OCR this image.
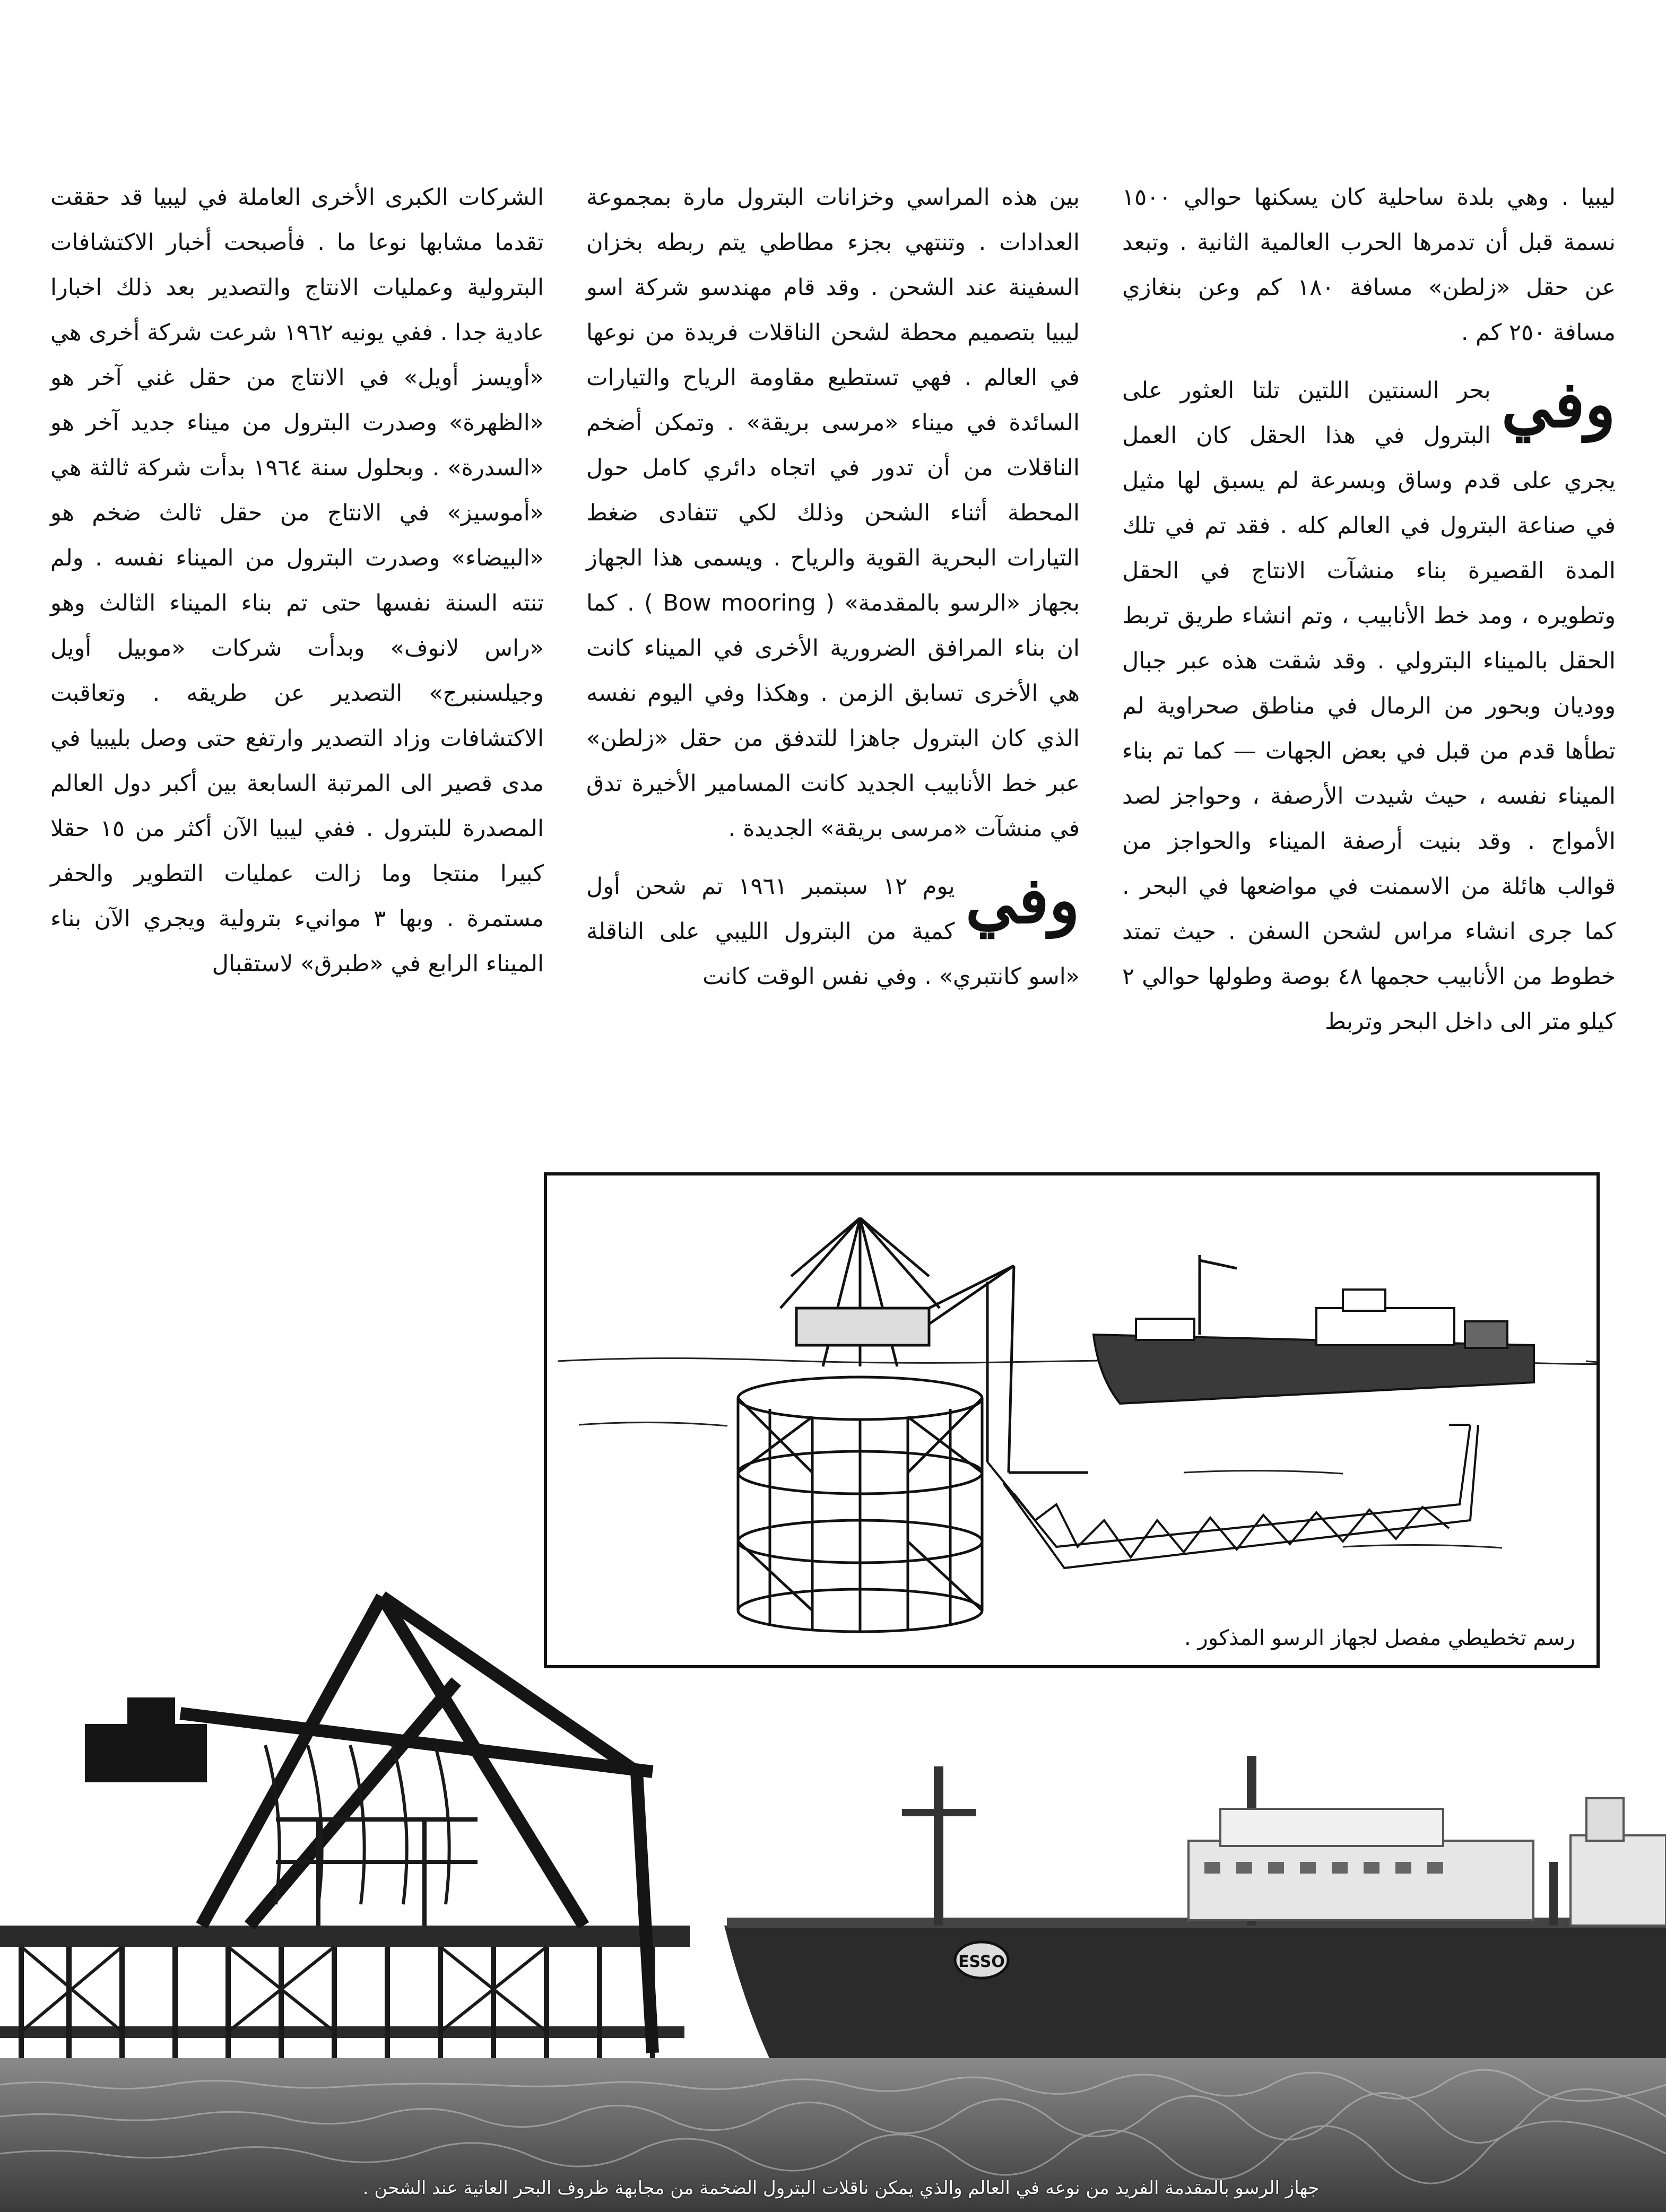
ليبيا . وهي بلدة ساحلية كان يسكنها حوالي ١٥٠٠ نسمة قبل أن تدمرها الحرب العالمية الثانية . وتبعد عن حقل «زلطن» مسافة ١٨٠ كم وعن بنغازي مسافة ٢٥٠ كم .

وفي
بحر السنتين اللتين تلتا العثور على البترول في هذا الحقل كان العمل يجري على قدم وساق وبسرعة لم يسبق لها مثيل في صناعة البترول في العالم كله . فقد تم في تلك المدة القصيرة بناء منشآت الانتاج في الحقل وتطويره ، ومد خط الأنابيب ، وتم انشاء طريق تربط الحقل بالميناء البترولي . وقد شقت هذه عبر جبال ووديان وبحور من الرمال في مناطق صحراوية لم تطأها قدم من قبل في بعض الجهات — كما تم بناء الميناء نفسه ، حيث شيدت الأرصفة ، وحواجز لصد الأمواج . وقد بنيت أرصفة الميناء والحواجز من قوالب هائلة من الاسمنت في مواضعها في البحر . كما جرى انشاء مراس لشحن السفن . حيث تمتد خطوط من الأنابيب حجمها ٤٨ بوصة وطولها حوالي ٢ كيلو متر الى داخل البحر وتربط

بين هذه المراسي وخزانات البترول مارة بمجموعة العدادات . وتنتهي بجزء مطاطي يتم ربطه بخزان السفينة عند الشحن . وقد قام مهندسو شركة اسو ليبيا بتصميم محطة لشحن الناقلات فريدة من نوعها في العالم . فهي تستطيع مقاومة الرياح والتيارات السائدة في ميناء «مرسى بريقة» . وتمكن أضخم الناقلات من أن تدور في اتجاه دائري كامل حول المحطة أثناء الشحن وذلك لكي تتفادى ضغط التيارات البحرية القوية والرياح . ويسمى هذا الجهاز بجهاز «الرسو بالمقدمة» ( Bow mooring ) . كما ان بناء المرافق الضرورية الأخرى في الميناء كانت هي الأخرى تسابق الزمن . وهكذا وفي اليوم نفسه الذي كان البترول جاهزا للتدفق من حقل «زلطن» عبر خط الأنابيب الجديد كانت المسامير الأخيرة تدق في منشآت «مرسى بريقة» الجديدة .

وفي
يوم ١٢ سبتمبر ١٩٦١ تم شحن أول كمية من البترول الليبي على الناقلة «اسو كانتبري» . وفي نفس الوقت كانت

الشركات الكبرى الأخرى العاملة في ليبيا قد حققت تقدما مشابها نوعا ما . فأصبحت أخبار الاكتشافات البترولية وعمليات الانتاج والتصدير بعد ذلك اخبارا عادية جدا . ففي يونيه ١٩٦٢ شرعت شركة أخرى هي «أويسز أويل» في الانتاج من حقل غني آخر هو «الظهرة» وصدرت البترول من ميناء جديد آخر هو «السدرة» . وبحلول سنة ١٩٦٤ بدأت شركة ثالثة هي «أموسيز» في الانتاج من حقل ثالث ضخم هو «البيضاء» وصدرت البترول من الميناء نفسه . ولم تنته السنة نفسها حتى تم بناء الميناء الثالث وهو «راس لانوف» وبدأت شركات «موبيل أويل وجيلسنبرج» التصدير عن طريقه . وتعاقبت الاكتشافات وزاد التصدير وارتفع حتى وصل بليبيا في مدى قصير الى المرتبة السابعة بين أكبر دول العالم المصدرة للبترول . ففي ليبيا الآن أكثر من ١٥ حقلا كبيرا منتجا وما زالت عمليات التطوير والحفر مستمرة . وبها ٣ موانيء بترولية ويجري الآن بناء الميناء الرابع في «طبرق» لاستقبال

ESSO
جهاز الرسو بالمقدمة الفريد من نوعه في العالم والذي يمكن ناقلات البترول الضخمة من مجابهة ظروف البحر العاتية عند الشحن .
رسم تخطيطي مفصل لجهاز الرسو المذكور .
